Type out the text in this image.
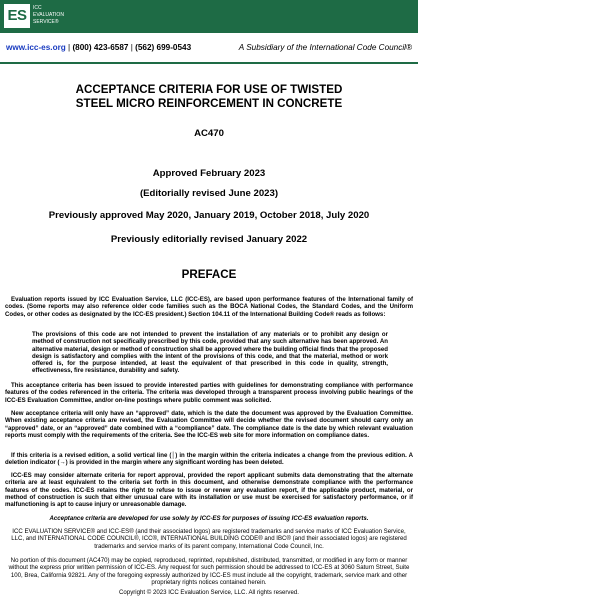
ES	ICC
EVALUATION
SERVICE®
www.icc-es.org | (800) 423-6587 | (562) 699-0543	A Subsidiary of the International Code Council®
ACCEPTANCE CRITERIA FOR USE OF TWISTED
STEEL MICRO REINFORCEMENT IN CONCRETE
AC470
Approved February 2023
(Editorially revised June 2023)
Previously approved May 2020, January 2019, October 2018, July 2020
Previously editorially revised January 2022
PREFACE
Evaluation reports issued by ICC Evaluation Service, LLC (ICC-ES), are based upon performance features of the International family of codes. (Some reports may also reference older code families such as the BOCA National Codes, the Standard Codes, and the Uniform Codes, or other codes as designated by the ICC-ES president.) Section 104.11 of the International Building Code® reads as follows:
The provisions of this code are not intended to prevent the installation of any materials or to prohibit any design or method of construction not specifically prescribed by this code, provided that any such alternative has been approved. An alternative material, design or method of construction shall be approved where the building official finds that the proposed design is satisfactory and complies with the intent of the provisions of this code, and that the material, method or work offered is, for the purpose intended, at least the equivalent of that prescribed in this code in quality, strength, effectiveness, fire resistance, durability and safety.
This acceptance criteria has been issued to provide interested parties with guidelines for demonstrating compliance with performance features of the codes referenced in the criteria. The criteria was developed through a transparent process involving public hearings of the ICC-ES Evaluation Committee, and/or on-line postings where public comment was solicited.
New acceptance criteria will only have an “approved” date, which is the date the document was approved by the Evaluation Committee. When existing acceptance criteria are revised, the Evaluation Committee will decide whether the revised document should carry only an “approved” date, or an “approved” date combined with a “compliance” date. The compliance date is the date by which relevant evaluation reports must comply with the requirements of the criteria. See the ICC-ES web site for more information on compliance dates.
If this criteria is a revised edition, a solid vertical line (│) in the margin within the criteria indicates a change from the previous edition. A deletion indicator (→) is provided in the margin where any significant wording has been deleted.
ICC-ES may consider alternate criteria for report approval, provided the report applicant submits data demonstrating that the alternate criteria are at least equivalent to the criteria set forth in this document, and otherwise demonstrate compliance with the performance features of the codes. ICC-ES retains the right to refuse to issue or renew any evaluation report, if the applicable product, material, or method of construction is such that either unusual care with its installation or use must be exercised for satisfactory performance, or if malfunctioning is apt to cause injury or unreasonable damage.
Acceptance criteria are developed for use solely by ICC-ES for purposes of issuing ICC-ES evaluation reports.
ICC EVALUATION SERVICE® and ICC-ES® (and their associated logos) are registered trademarks and service marks of ICC Evaluation Service, LLC, and INTERNATIONAL CODE COUNCIL®, ICC®, INTERNATIONAL BUILDING CODE® and IBC® (and their associated logos) are registered trademarks and service marks of its parent company, International Code Council, Inc.
No portion of this document (AC470) may be copied, reproduced, reprinted, republished, distributed, transmitted, or modified in any form or manner without the express prior written permission of ICC-ES. Any request for such permission should be addressed to ICC-ES at 3060 Saturn Street, Suite 100, Brea, California 92821. Any of the foregoing expressly authorized by ICC-ES must include all the copyright, trademark, service mark and other proprietary rights notices contained herein.
Copyright © 2023 ICC Evaluation Service, LLC. All rights reserved.
